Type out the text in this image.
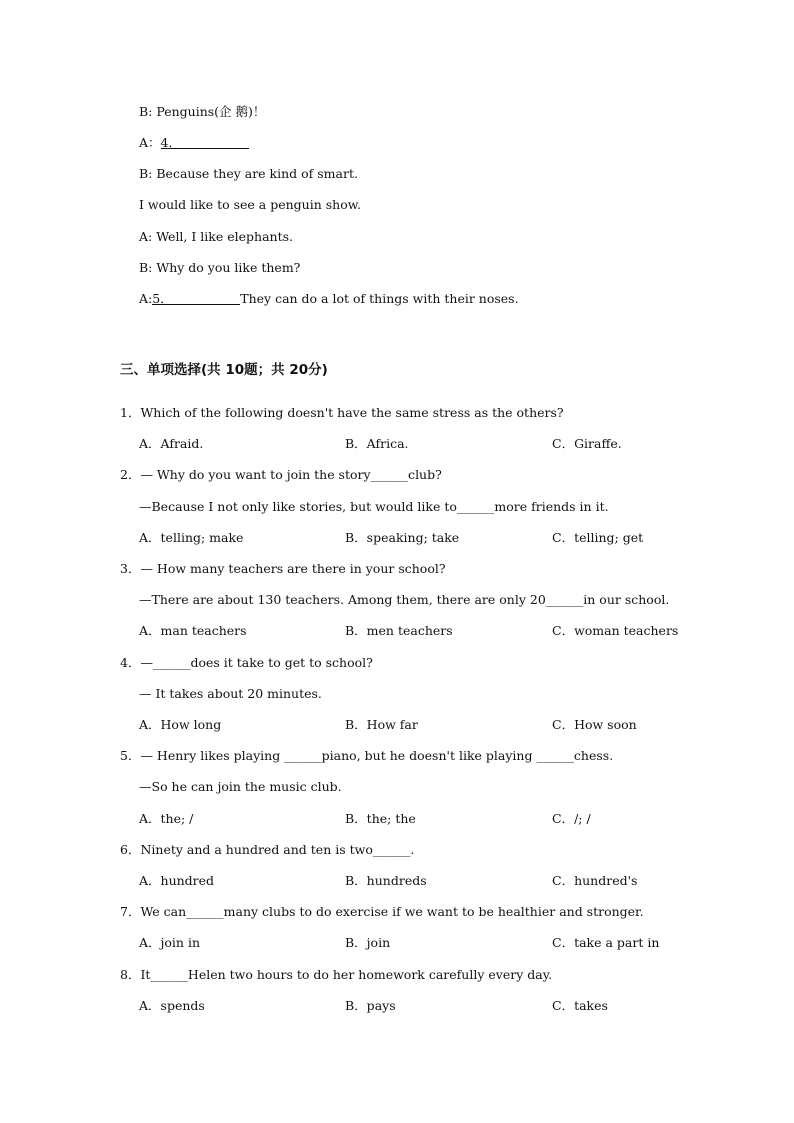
B: Penguins(企 鹅)！
A：4．
B: Because they are kind of smart.
I would like to see a penguin show.
A: Well, I like elephants.
B: Why do you like them?
A:5．	They can do a lot of things with their noses.
三、单项选择(共 10题；共 20分)
1．Which of the following doesn't have the same stress as the others?
A．Afraid.	B．Africa.	C．Giraffe.
2．— Why do you want to join the story______club?
—Because I not only like stories, but would like to______more friends in it.
A．telling; make	B．speaking; take	C．telling; get
3．— How many teachers are there in your school?
—There are about 130 teachers. Among them, there are only 20______in our school.
A．man teachers	B．men teachers	C．woman teachers
4．—______does it take to get to school?
— It takes about 20 minutes.
A．How long	B．How far	C．How soon
5．— Henry likes playing ______piano, but he doesn't like playing ______chess.
—So he can join the music club.
A．the; /	B．the; the	C．/; /
6．Ninety and a hundred and ten is two______.
A．hundred	B．hundreds	C．hundred's
7．We can______many clubs to do exercise if we want to be healthier and stronger.
A．join in	B．join	C．take a part in
8．It______Helen two hours to do her homework carefully every day.
A．spends	B．pays	C．takes
